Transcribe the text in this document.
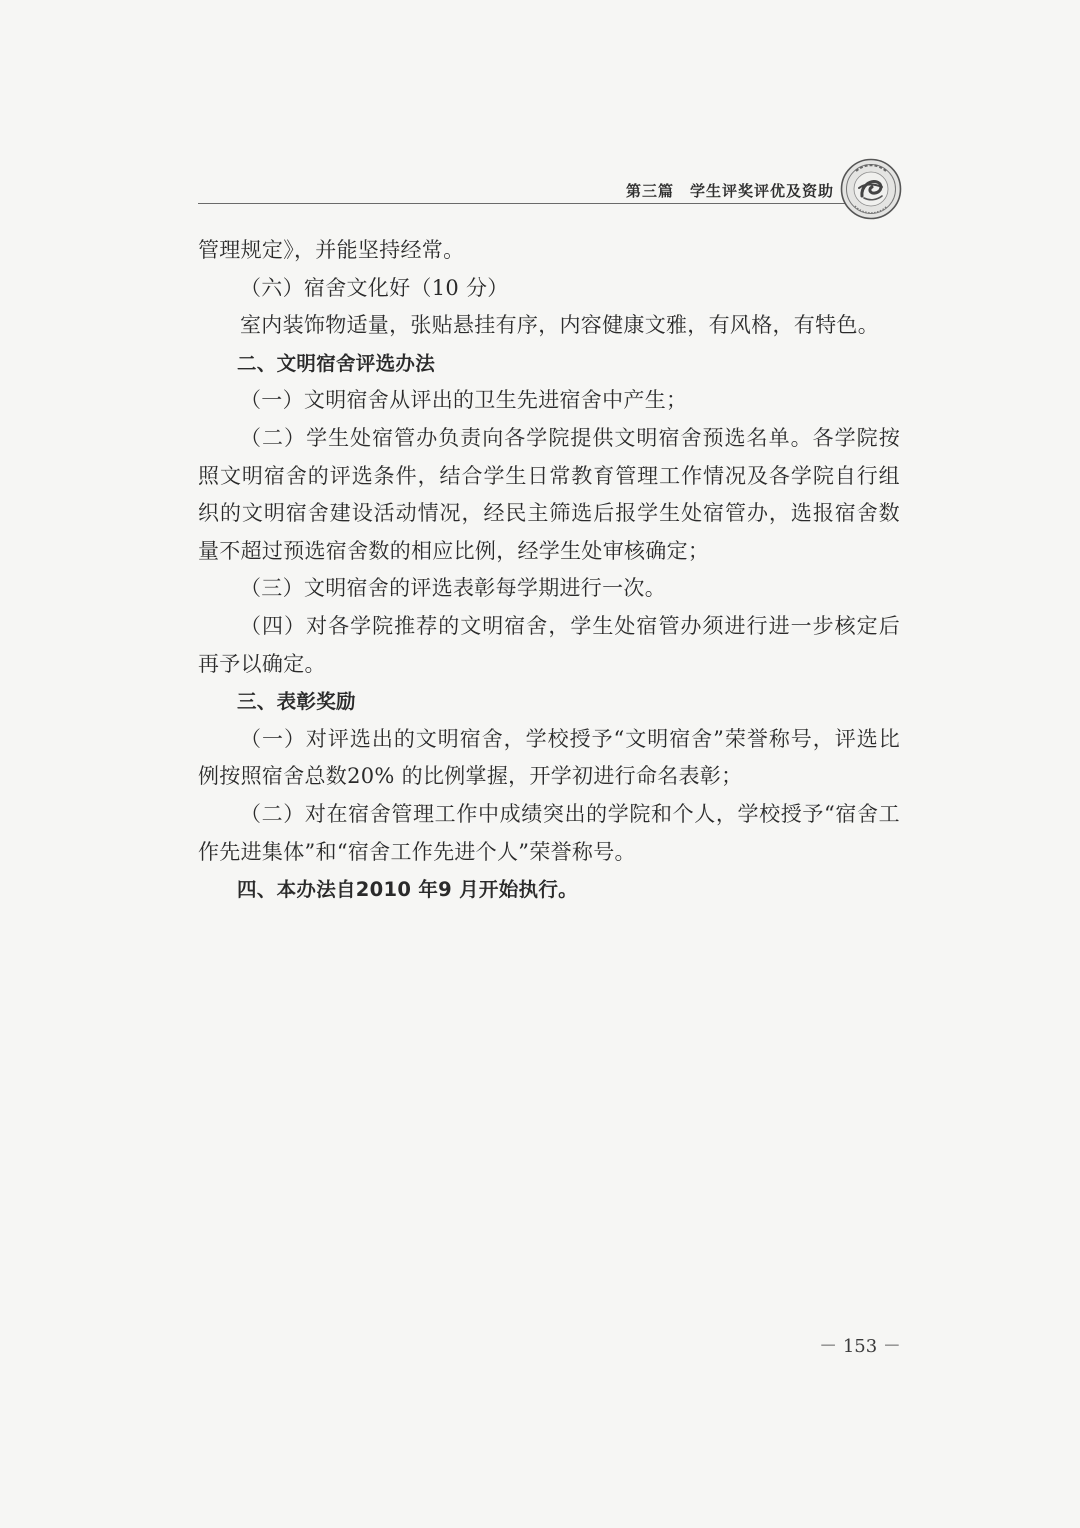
第三篇　学生评奖评优及资助

管理规定》，并能坚持经常。

（六）宿舍文化好（10 分）

室内装饰物适量，张贴悬挂有序，内容健康文雅，有风格，有特色。

二、文明宿舍评选办法

（一）文明宿舍从评出的卫生先进宿舍中产生；

（二）学生处宿管办负责向各学院提供文明宿舍预选名单。各学院按照文明宿舍的评选条件，结合学生日常教育管理工作情况及各学院自行组织的文明宿舍建设活动情况，经民主筛选后报学生处宿管办，选报宿舍数量不超过预选宿舍数的相应比例，经学生处审核确定；

（三）文明宿舍的评选表彰每学期进行一次。

（四）对各学院推荐的文明宿舍，学生处宿管办须进行进一步核定后再予以确定。

三、表彰奖励

（一）对评选出的文明宿舍，学校授予“文明宿舍”荣誉称号，评选比例按照宿舍总数20% 的比例掌握，开学初进行命名表彰；

（二）对在宿舍管理工作中成绩突出的学院和个人，学校授予“宿舍工作先进集体”和“宿舍工作先进个人”荣誉称号。

四、本办法自2010 年9 月开始执行。

－ 153 －
